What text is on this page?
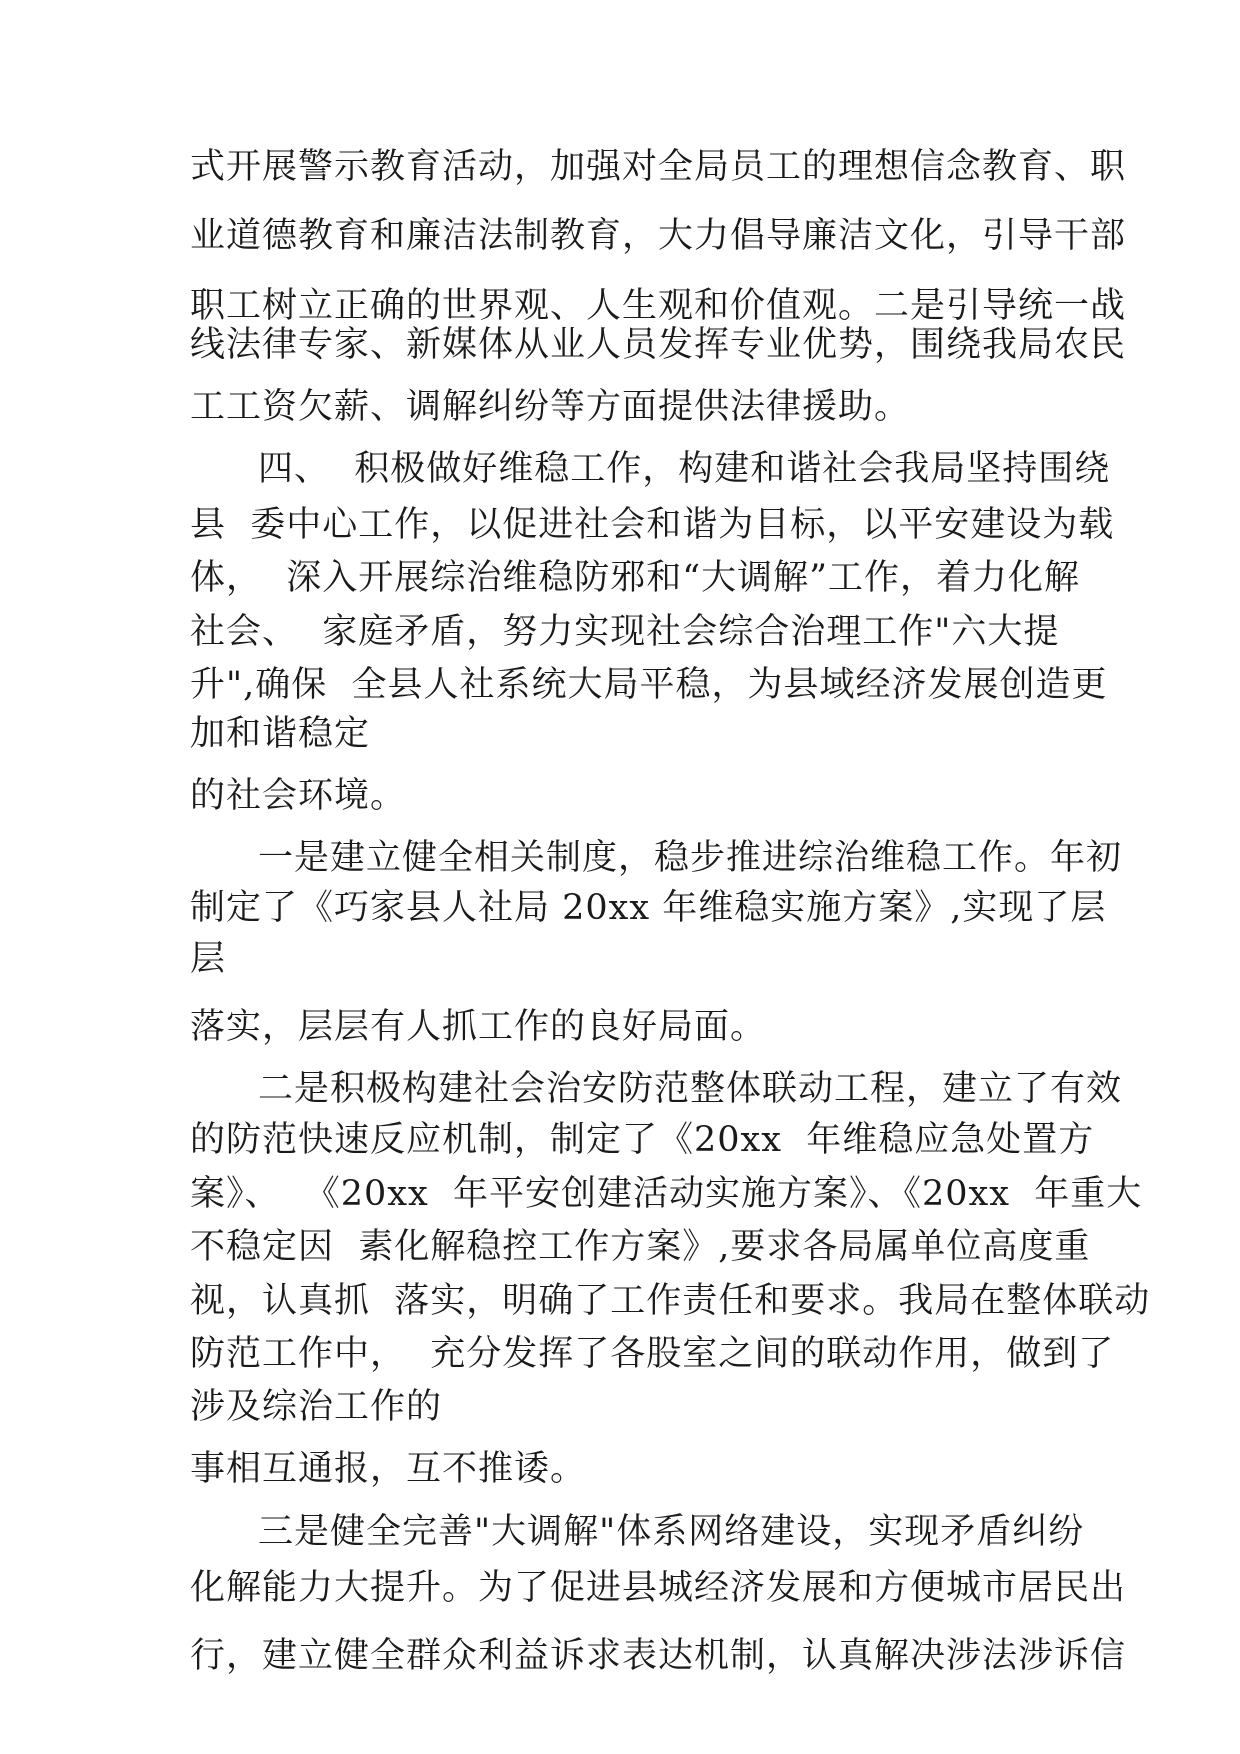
式开展警示教育活动，加强对全局员工的理想信念教育、职
业道德教育和廉洁法制教育，大力倡导廉洁文化，引导干部
职工树立正确的世界观、人生观和价值观。二是引导统一战
线法律专家、新媒体从业人员发挥专业优势，围绕我局农民
工工资欠薪、调解纠纷等方面提供法律援助。
四、  积极做好维稳工作，构建和谐社会我局坚持围绕
县  委中心工作，以促进社会和谐为目标，以平安建设为载
体，  深入开展综治维稳防邪和“大调解”工作，着力化解
社会、  家庭矛盾，努力实现社会综合治理工作"六大提
升",确保  全县人社系统大局平稳，为县域经济发展创造更
加和谐稳定
的社会环境。
一是建立健全相关制度，稳步推进综治维稳工作。年初
制定了《巧家县人社局 20xx 年维稳实施方案》,实现了层
层
落实，层层有人抓工作的良好局面。
二是积极构建社会治安防范整体联动工程，建立了有效
的防范快速反应机制，制定了《20xx  年维稳应急处置方
案》、  《20xx  年平安创建活动实施方案》、《20xx  年重大
不稳定因  素化解稳控工作方案》,要求各局属单位高度重
视，认真抓  落实，明确了工作责任和要求。我局在整体联动
防范工作中，  充分发挥了各股室之间的联动作用，做到了
涉及综治工作的
事相互通报，互不推诿。
三是健全完善"大调解"体系网络建设，实现矛盾纠纷
化解能力大提升。为了促进县城经济发展和方便城市居民出
行，建立健全群众利益诉求表达机制，认真解决涉法涉诉信
